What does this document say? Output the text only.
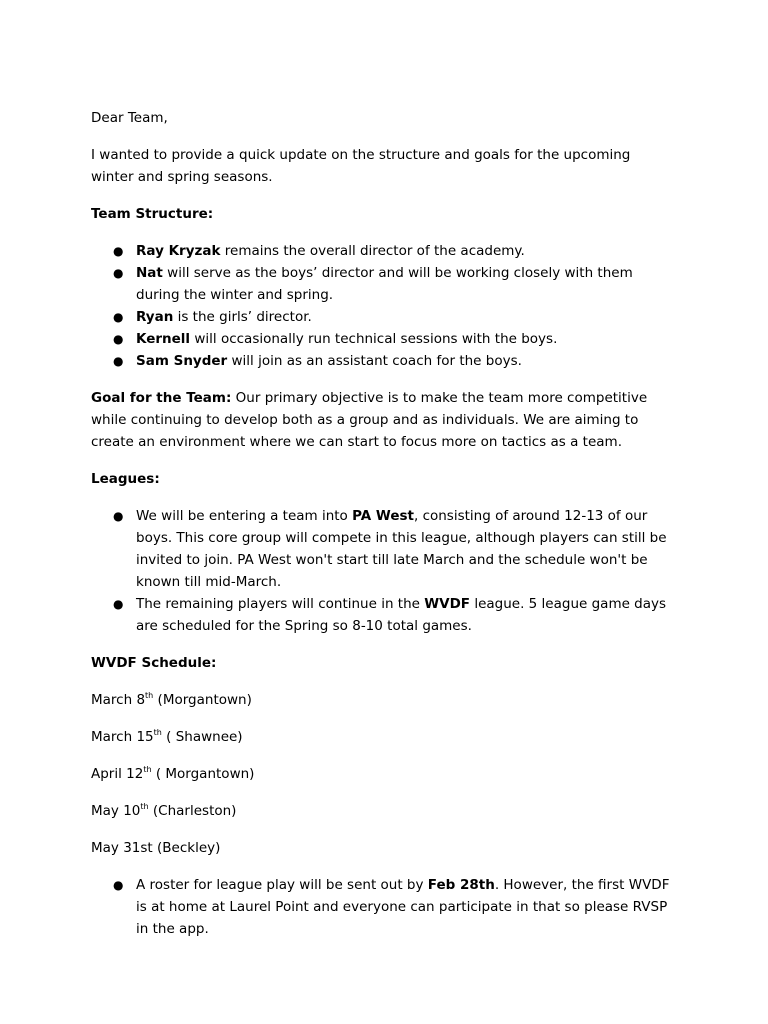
Dear Team,

I wanted to provide a quick update on the structure and goals for the upcoming winter and spring seasons.

Team Structure:

● Ray Kryzak remains the overall director of the academy.
● Nat will serve as the boys’ director and will be working closely with them during the winter and spring.
● Ryan is the girls’ director.
● Kernell will occasionally run technical sessions with the boys.
● Sam Snyder will join as an assistant coach for the boys.

Goal for the Team: Our primary objective is to make the team more competitive while continuing to develop both as a group and as individuals. We are aiming to create an environment where we can start to focus more on tactics as a team.

Leagues:

● We will be entering a team into PA West, consisting of around 12-13 of our boys. This core group will compete in this league, although players can still be invited to join. PA West won't start till late March and the schedule won't be known till mid-March.
● The remaining players will continue in the WVDF league. 5 league game days are scheduled for the Spring so 8-10 total games.

WVDF Schedule:

March 8th (Morgantown)

March 15th ( Shawnee)

April 12th ( Morgantown)

May 10th (Charleston)

May 31st (Beckley)

● A roster for league play will be sent out by Feb 28th. However, the first WVDF is at home at Laurel Point and everyone can participate in that so please RVSP in the app.
